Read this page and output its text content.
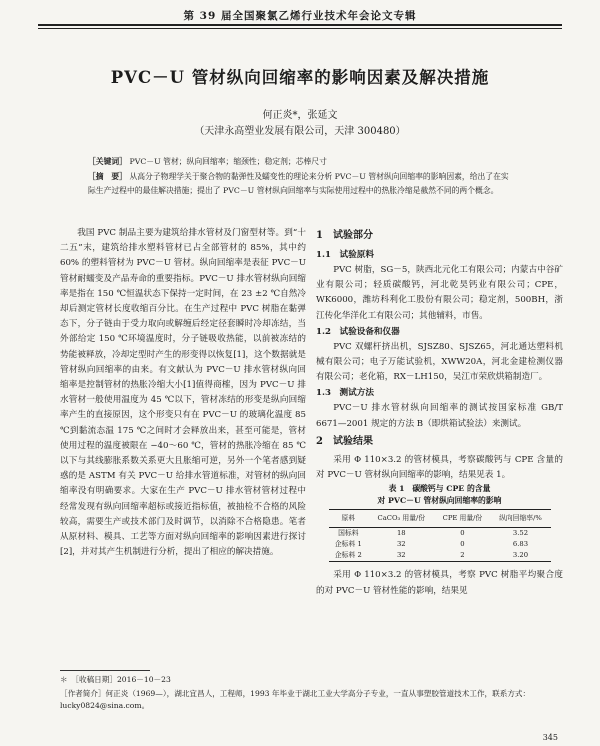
第 39 届全国聚氯乙烯行业技术年会论文专辑
PVC－U 管材纵向回缩率的影响因素及解决措施
何正炎*，张延文
（天津永高塑业发展有限公司，天津 300480）
［关键词］ PVC－U 管材；纵向回缩率；缩颈性；稳定剂；芯棒尺寸
［摘　要］ 从高分子物理学关于聚合物的黏弹性及蠕变性的理论来分析 PVC－U 管材纵向回缩率的影响因素，给出了在实际生产过程中的最佳解决措施；提出了 PVC－U 管材纵向回缩率与实际使用过程中的热胀冷缩是截然不同的两个概念。

我国 PVC 制品主要为建筑给排水管材及门窗型材等。到“十二五”末，建筑给排水塑料管材已占全部管材的 85%，其中约 60% 的塑料管材为 PVC－U 管材。纵向回缩率是表征 PVC－U 管材耐蠕变及产品寿命的重要指标。PVC－U 排水管材纵向回缩率是指在 150 ℃恒温状态下保持一定时间，在 23 ±2 ℃自然冷却后测定管材长度收缩百分比。在生产过程中 PVC 树脂在黏弹态下，分子链由于受力取向或解缠后经定径套瞬时冷却冻结，当外部给定 150 ℃环境温度时，分子链吸收热能，以前被冻结的势能被释放，冷却定型时产生的形变得以恢复[1]，这个数据就是管材纵向回缩率的由来。有文献认为 PVC－U 排水管材纵向回缩率是控制管材的热胀冷缩大小[1]值得商榷，因为 PVC－U 排水管材一般使用温度为 45 ℃以下，管材冻结的形变是纵向回缩率产生的直接原因，这个形变只有在 PVC－U 的玻璃化温度 85 ℃到黏流态温 175 ℃之间时才会释放出来，甚至可能是，管材使用过程的温度被限在 −40～60 ℃，管材的热胀冷缩在 85 ℃以下与其线膨胀系数关系更大且胀缩可逆，另外一个笔者感到疑惑的是 ASTM 有关 PVC－U 给排水管道标准，对管材的纵向回缩率没有明确要求。大家在生产 PVC－U 排水管材管材过程中经常发现有纵向回缩率超标或接近指标值，被抽检不合格的风险较高，需要生产或技术部门及时调节，以消除不合格隐患。笔者从原材料、模具、工艺等方面对纵向回缩率的影响因素进行探讨[2]，并对其产生机制进行分析，提出了相应的解决措施。

1　试验部分
1.1　试验原料

PVC 树脂，SG－5，陕西北元化工有限公司；内蒙古中谷矿业有限公司；轻质碳酸钙，河北乾昊钙业有限公司；CPE，WK6000，潍坊科利化工股份有限公司；稳定剂，500BH，浙江传化华洋化工有限公司；其他辅料，市售。

1.2　试验设备和仪器

PVC 双螺杆挤出机，SJSZ80、SJSZ65，河北通达塑料机械有限公司；电子万能试验机，XWW20A，河北金建检测仪器有限公司；老化箱，RX－LH150，吴江市荣欣烘箱制造厂。

1.3　测试方法

PVC－U 排水管材纵向回缩率的测试按国家标准 GB/T 6671—2001 规定的方法 B（即烘箱试验法）来测试。

2　试验结果

采用 Φ 110×3.2 的管材模具，考察碳酸钙与 CPE 含量的对 PVC－U 管材纵向回缩率的影响，结果见表 1。

表 1　碳酸钙与 CPE 的含量
对 PVC－U 管材纵向回缩率的影响
原料	CaCO₃ 用量/份	CPE 用量/份	纵向回缩率/%
国标料	18	0	3.52
企标料 1	32	0	6.83
企标料 2	32	2	3.20

采用 Φ 110×3.2 的管材模具，考察 PVC 树脂平均聚合度的对 PVC－U 管材性能的影响，结果见

＊　［收稿日期］2016－10－23
［作者简介］何正炎（1969—），湖北宜昌人，工程师，1993 年毕业于湖北工业大学高分子专业，一直从事塑胶管道技术工作，联系方式：lucky0824@sina.com。
345
